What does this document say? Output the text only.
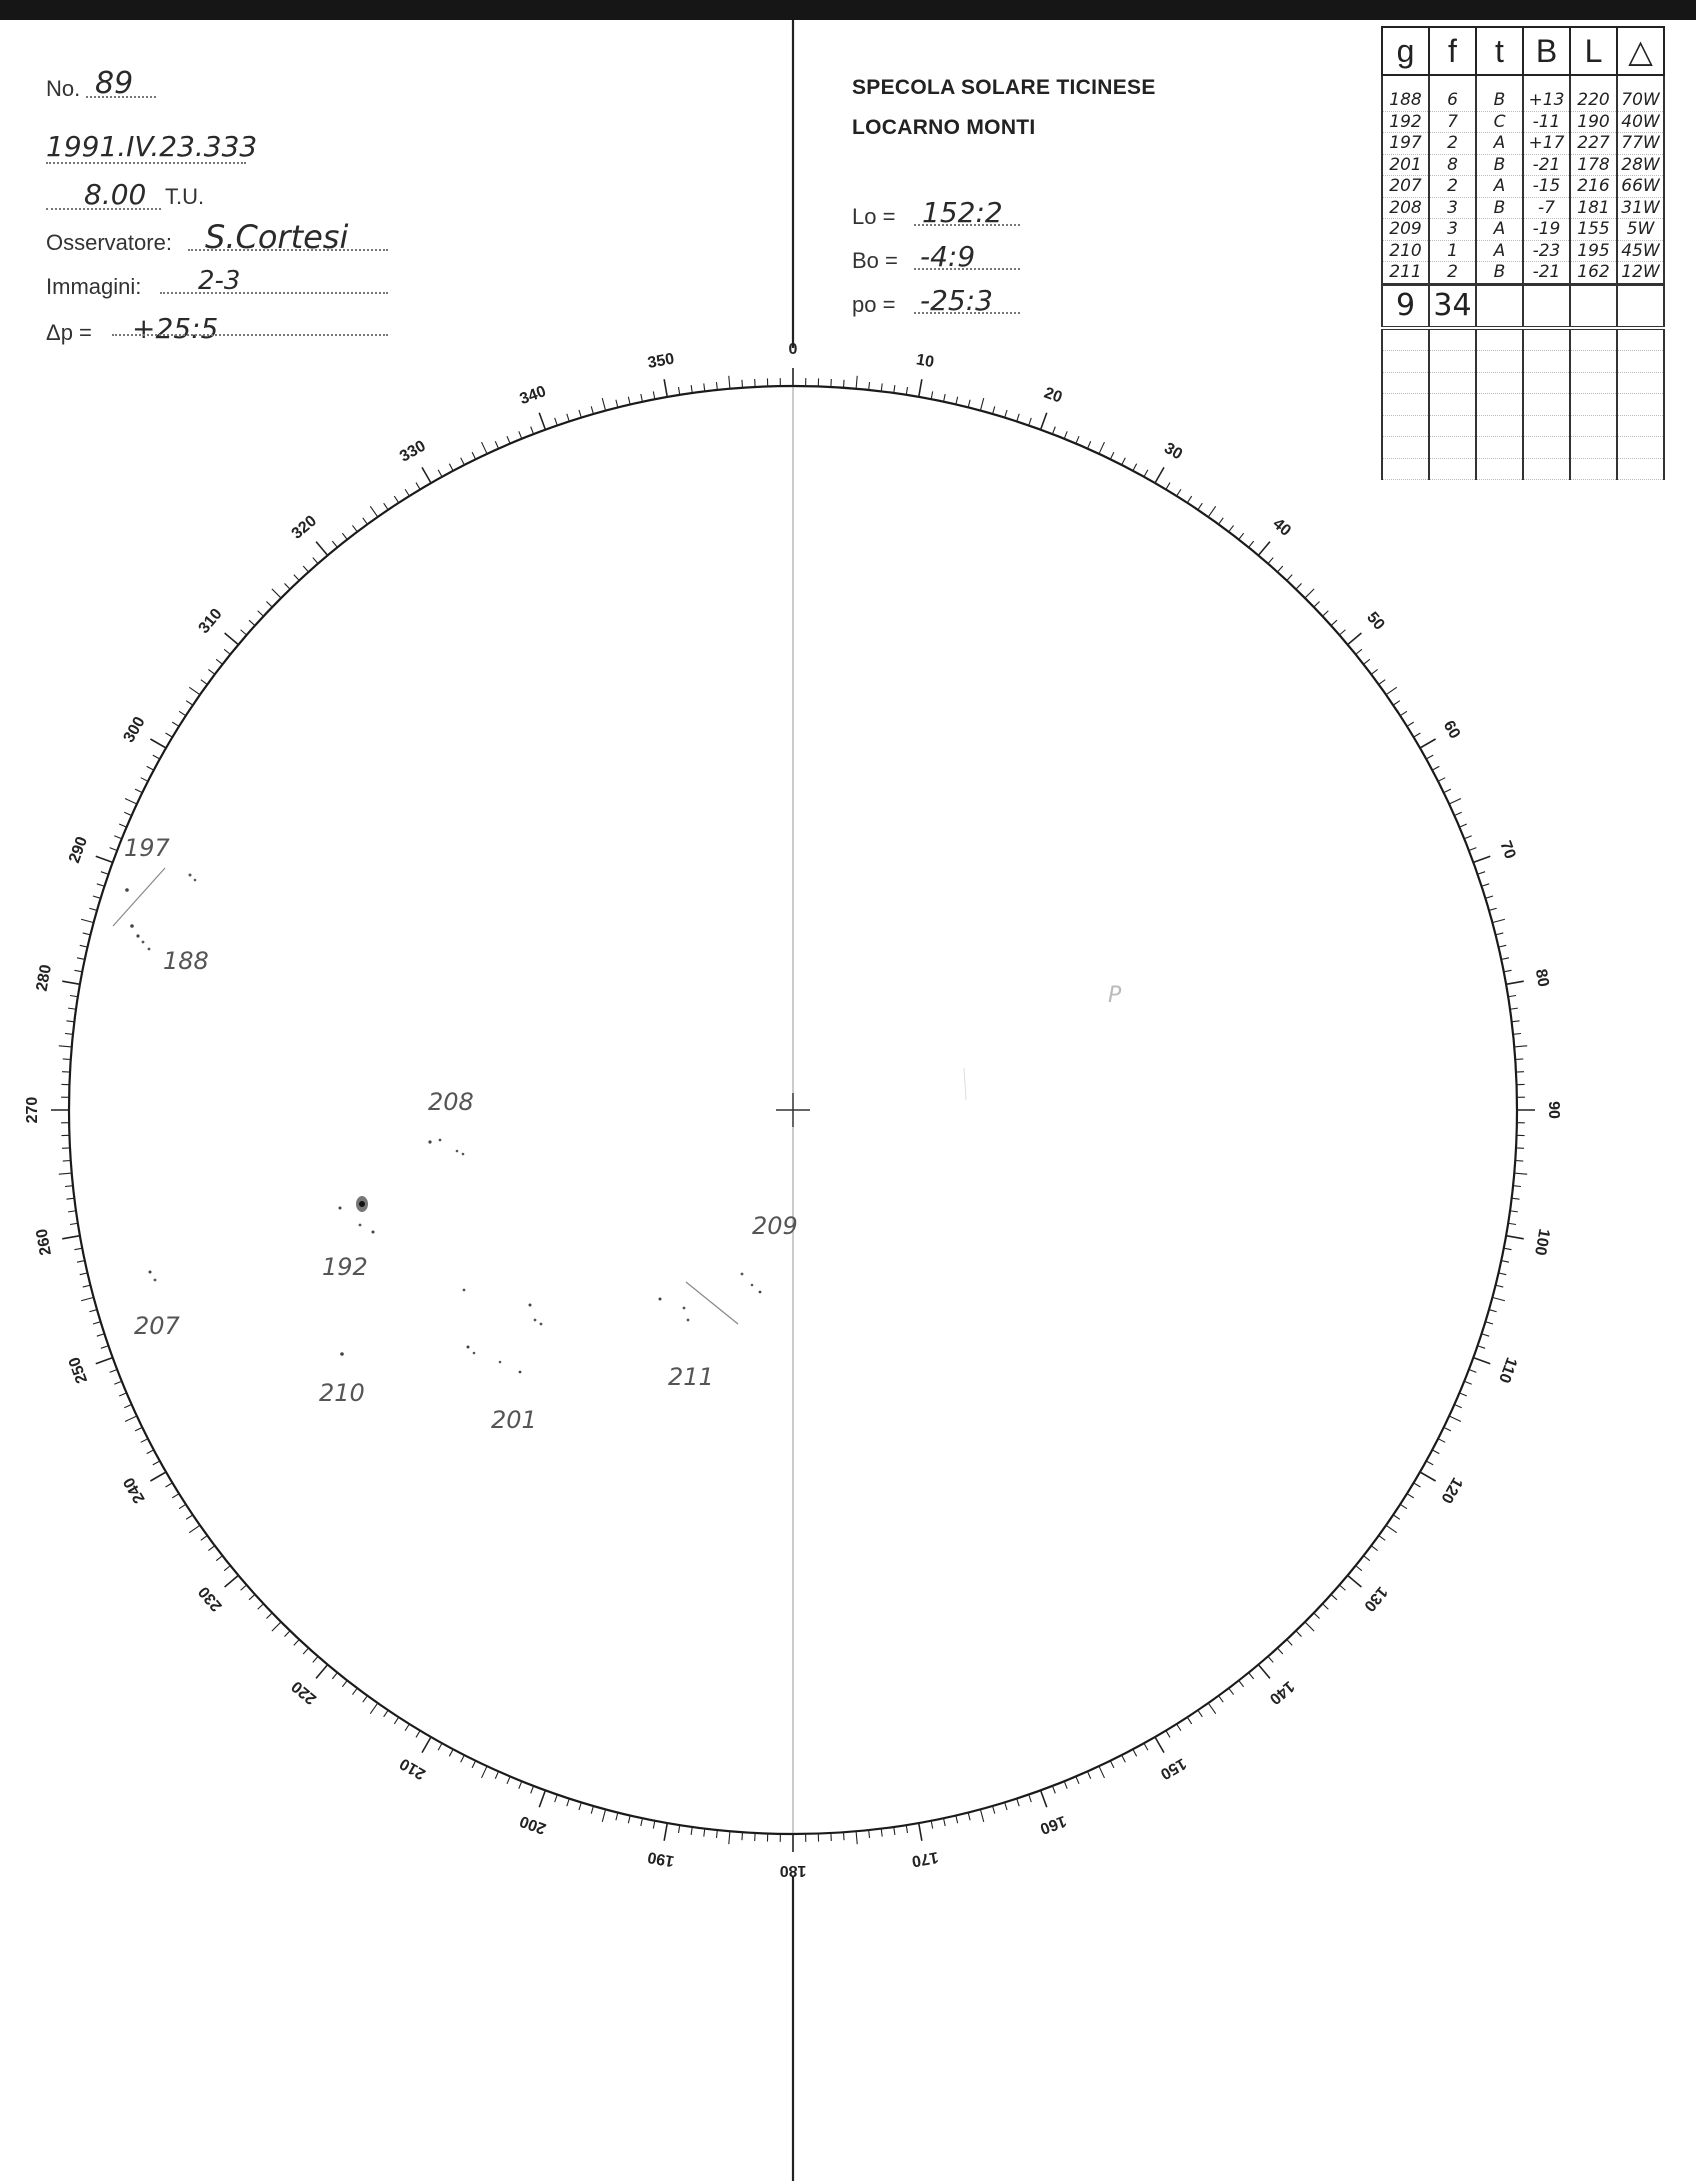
No. 89
1991.IV.23.333
8.00 T.U.
Osservatore: S.Cortesi
Immagini: 2-3
Δp = +25:5
SPECOLA SOLARE TICINESE
LOCARNO MONTI
Lo = 152:2
Bo = -4:9
po = -25:3
g	f	t	B	L	△
188	6	B	+13	220	70W
192	7	C	-11	190	40W
197	2	A	+17	227	77W
201	8	B	-21	178	28W
207	2	A	-15	216	66W
208	3	B	-7	181	31W
209	3	A	-19	155	5W
210	1	A	-23	195	45W
211	2	B	-21	162	12W
9	34				

0
10
20
30
40
50
60
70
80
90
100
110
120
130
140
150
160
170
180
190
200
210
220
230
240
250
260
270
280
290
300
310
320
330
340
350
197
188
208
192
207
210
201
209
211
P
